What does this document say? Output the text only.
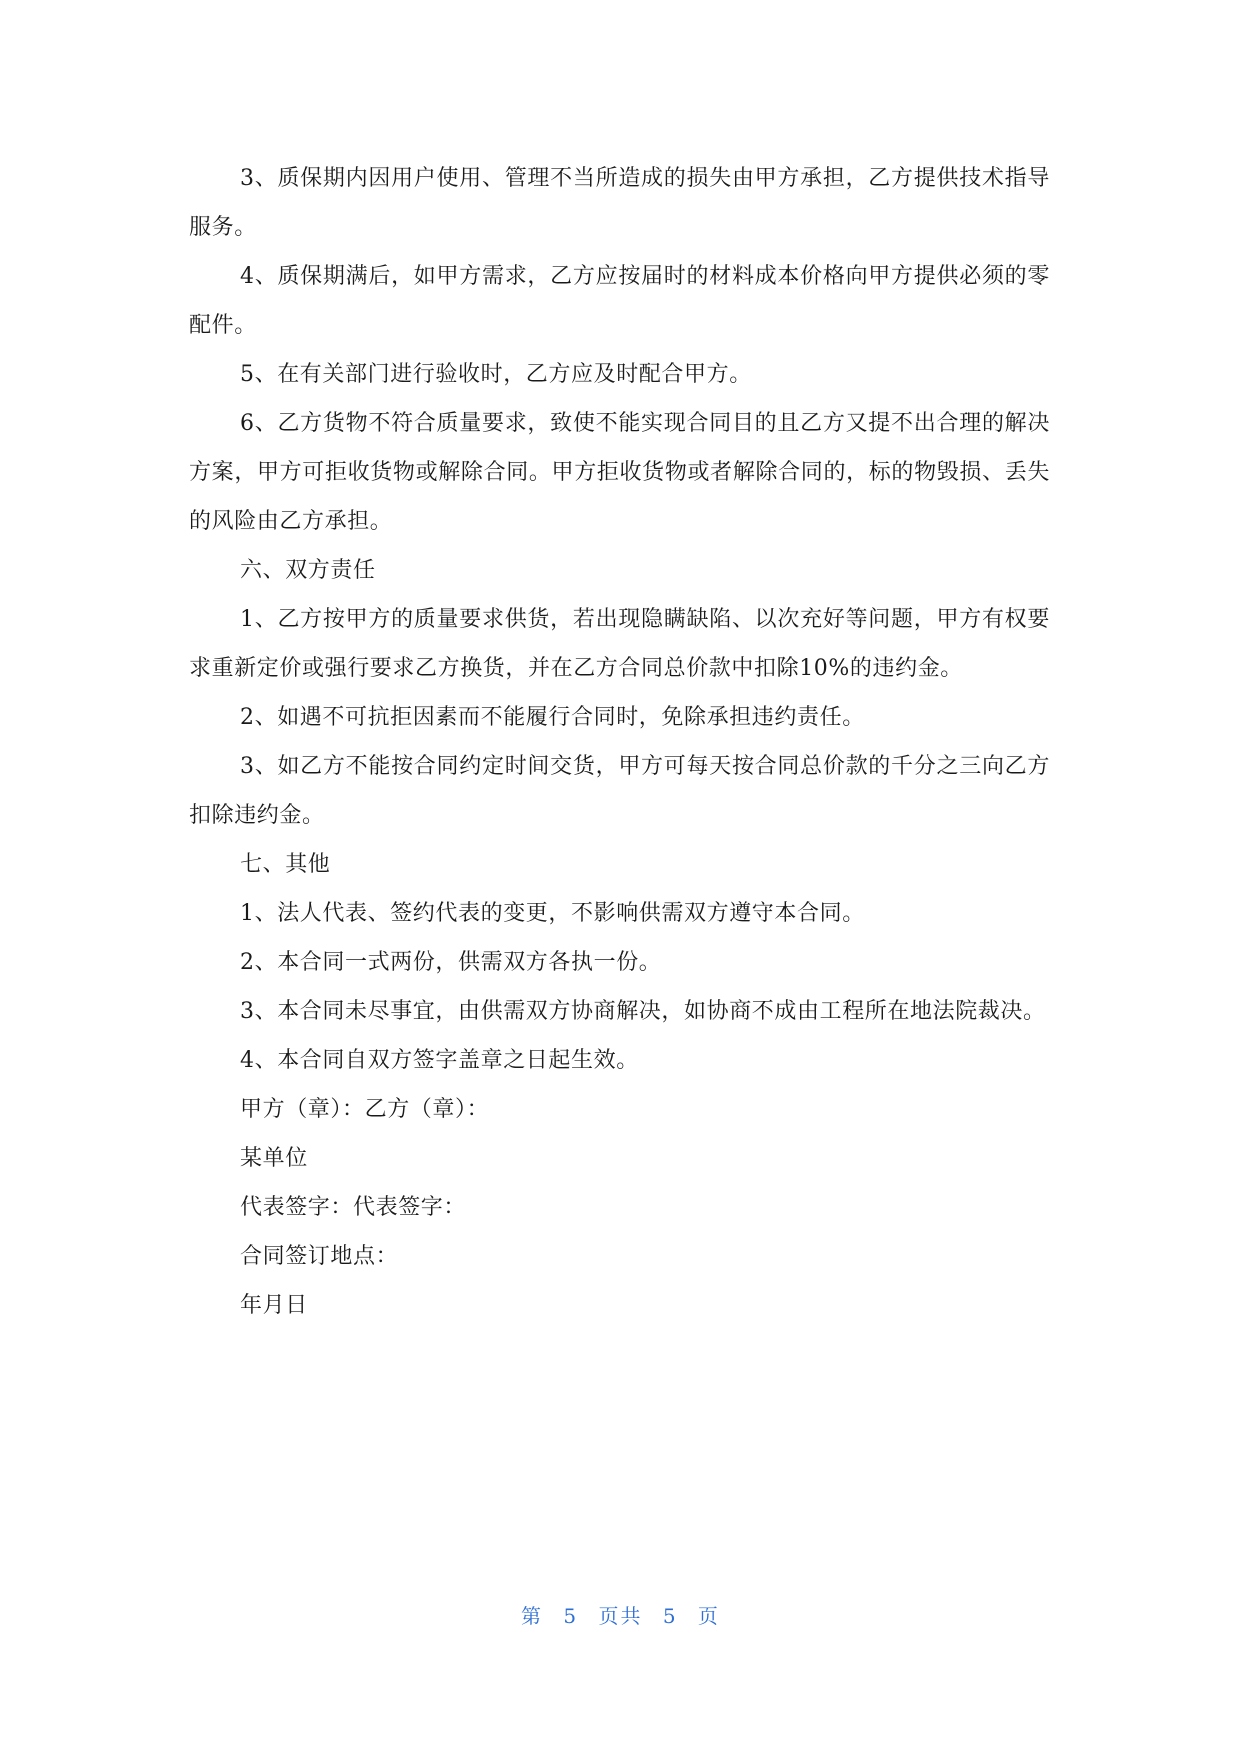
3、质保期内因用户使用、管理不当所造成的损失由甲方承担，乙方提供技术指导服务。

4、质保期满后，如甲方需求，乙方应按届时的材料成本价格向甲方提供必须的零配件。

5、在有关部门进行验收时，乙方应及时配合甲方。

6、乙方货物不符合质量要求，致使不能实现合同目的且乙方又提不出合理的解决方案，甲方可拒收货物或解除合同。甲方拒收货物或者解除合同的，标的物毁损、丢失的风险由乙方承担。

六、双方责任

1、乙方按甲方的质量要求供货，若出现隐瞒缺陷、以次充好等问题，甲方有权要求重新定价或强行要求乙方换货，并在乙方合同总价款中扣除10%的违约金。

2、如遇不可抗拒因素而不能履行合同时，免除承担违约责任。

3、如乙方不能按合同约定时间交货，甲方可每天按合同总价款的千分之三向乙方扣除违约金。

七、其他

1、法人代表、签约代表的变更，不影响供需双方遵守本合同。

2、本合同一式两份，供需双方各执一份。

3、本合同未尽事宜，由供需双方协商解决，如协商不成由工程所在地法院裁决。

4、本合同自双方签字盖章之日起生效。

甲方（章）：乙方（章）：

某单位

代表签字：代表签字：

合同签订地点：

年月日

第 5 页共 5 页
